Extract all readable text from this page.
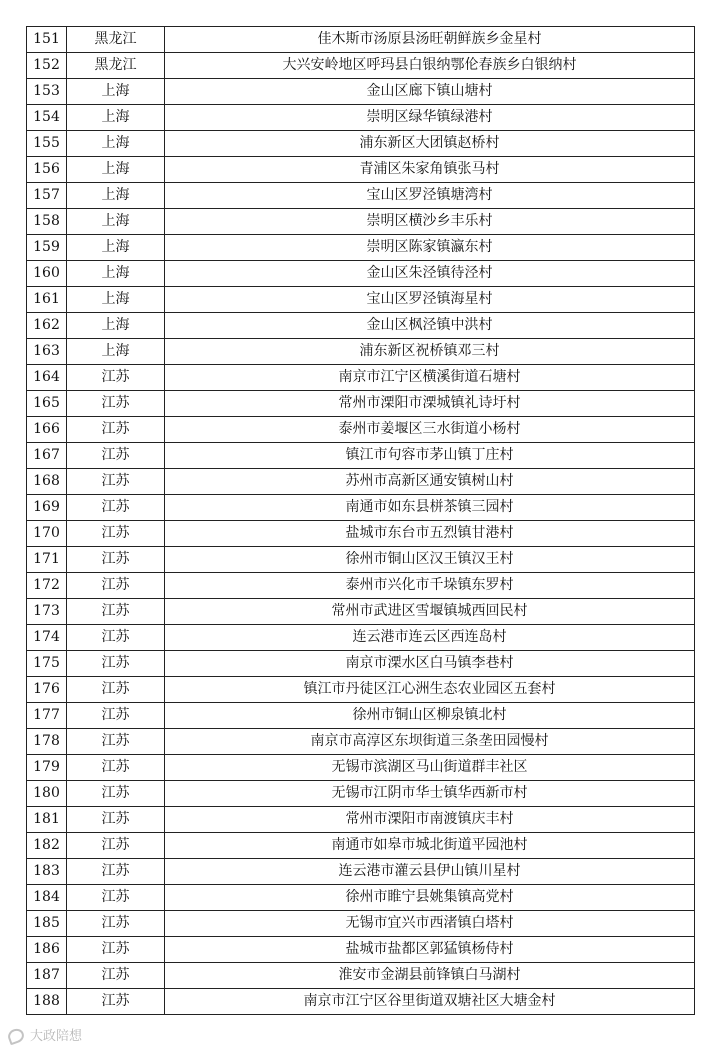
151	黑龙江	佳木斯市汤原县汤旺朝鲜族乡金星村
152	黑龙江	大兴安岭地区呼玛县白银纳鄂伦春族乡白银纳村
153	上海	金山区廊下镇山塘村
154	上海	崇明区绿华镇绿港村
155	上海	浦东新区大团镇赵桥村
156	上海	青浦区朱家角镇张马村
157	上海	宝山区罗泾镇塘湾村
158	上海	崇明区横沙乡丰乐村
159	上海	崇明区陈家镇瀛东村
160	上海	金山区朱泾镇待泾村
161	上海	宝山区罗泾镇海星村
162	上海	金山区枫泾镇中洪村
163	上海	浦东新区祝桥镇邓三村
164	江苏	南京市江宁区横溪街道石塘村
165	江苏	常州市溧阳市溧城镇礼诗圩村
166	江苏	泰州市姜堰区三水街道小杨村
167	江苏	镇江市句容市茅山镇丁庄村
168	江苏	苏州市高新区通安镇树山村
169	江苏	南通市如东县栟茶镇三园村
170	江苏	盐城市东台市五烈镇甘港村
171	江苏	徐州市铜山区汉王镇汉王村
172	江苏	泰州市兴化市千垛镇东罗村
173	江苏	常州市武进区雪堰镇城西回民村
174	江苏	连云港市连云区西连岛村
175	江苏	南京市溧水区白马镇李巷村
176	江苏	镇江市丹徒区江心洲生态农业园区五套村
177	江苏	徐州市铜山区柳泉镇北村
178	江苏	南京市高淳区东坝街道三条垄田园慢村
179	江苏	无锡市滨湖区马山街道群丰社区
180	江苏	无锡市江阴市华士镇华西新市村
181	江苏	常州市溧阳市南渡镇庆丰村
182	江苏	南通市如皋市城北街道平园池村
183	江苏	连云港市灌云县伊山镇川星村
184	江苏	徐州市睢宁县姚集镇高党村
185	江苏	无锡市宜兴市西渚镇白塔村
186	江苏	盐城市盐都区郭猛镇杨侍村
187	江苏	淮安市金湖县前锋镇白马湖村
188	江苏	南京市江宁区谷里街道双塘社区大塘金村
大政陪想
